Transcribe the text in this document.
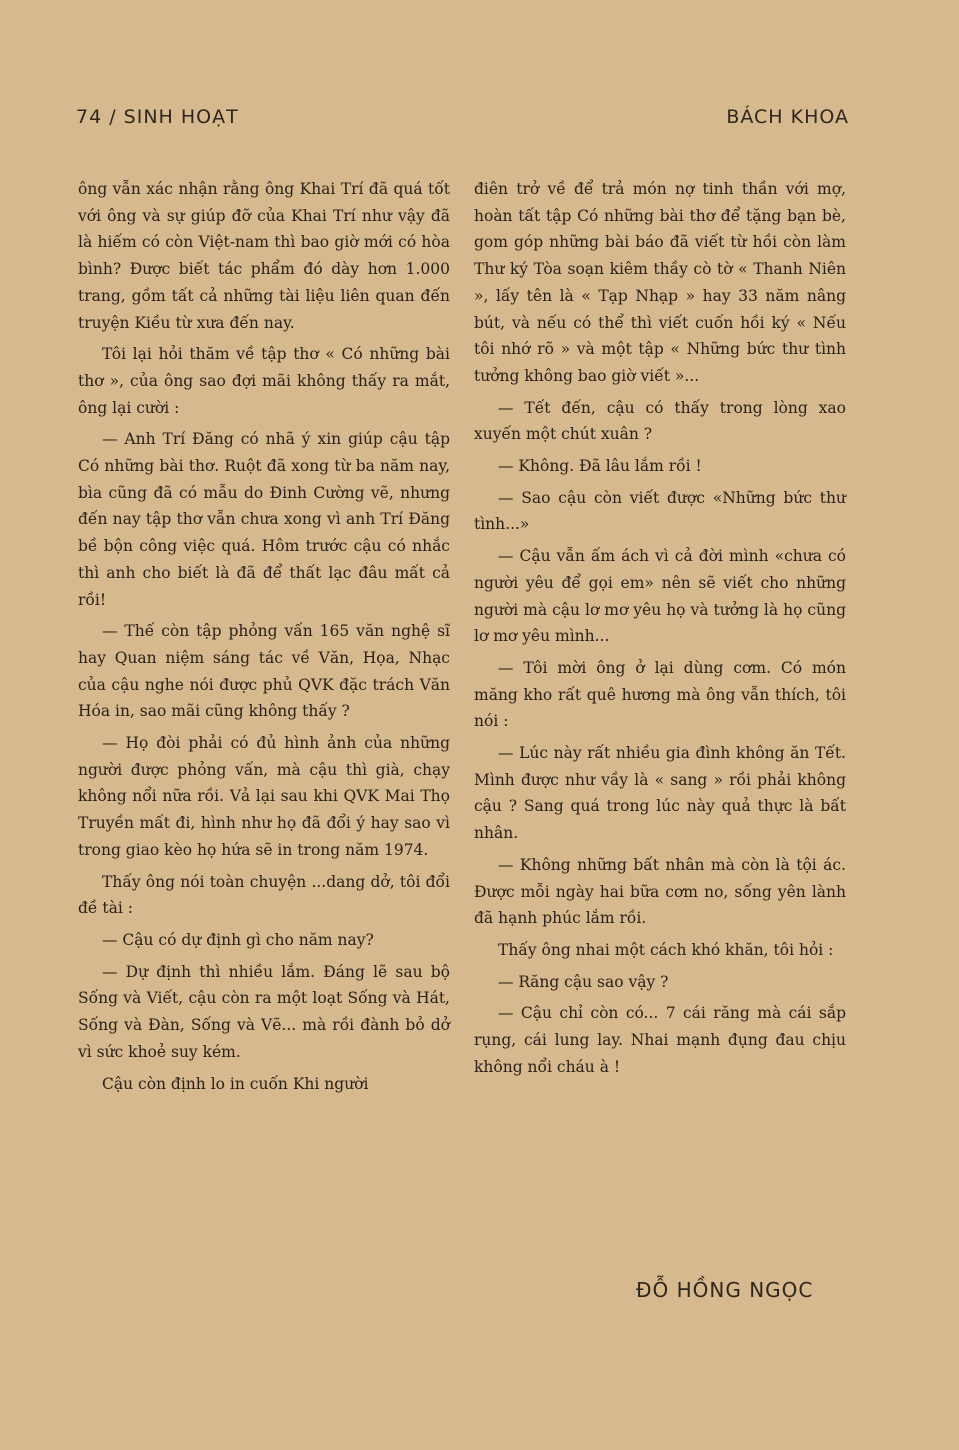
74 / SINH HOẠT	BÁCH KHOA

ông vẫn xác nhận rằng ông Khai Trí đã quá tốt với ông và sự giúp đỡ của Khai Trí như vậy đã là hiếm có còn Việt-nam thì bao giờ mới có hòa bình? Được biết tác phẩm đó dày hơn 1.000 trang, gồm tất cả những tài liệu liên quan đến truyện Kiều từ xưa đến nay.

Tôi lại hỏi thăm về tập thơ « Có những bài thơ », của ông sao đợi mãi không thấy ra mắt, ông lại cười :

— Anh Trí Đăng có nhã ý xin giúp cậu tập Có những bài thơ. Ruột đã xong từ ba năm nay, bìa cũng đã có mẫu do Đinh Cường vẽ, nhưng đến nay tập thơ vẫn chưa xong vì anh Trí Đăng bề bộn công việc quá. Hôm trước cậu có nhắc thì anh cho biết là đã để thất lạc đâu mất cả rồi!

— Thế còn tập phỏng vấn 165 văn nghệ sĩ hay Quan niệm sáng tác về Văn, Họa, Nhạc của cậu nghe nói được phủ QVK đặc trách Văn Hóa in, sao mãi cũng không thấy ?

— Họ đòi phải có đủ hình ảnh của những người được phỏng vấn, mà cậu thì già, chạy không nổi nữa rồi. Vả lại sau khi QVK Mai Thọ Truyền mất đi, hình như họ đã đổi ý hay sao vì trong giao kèo họ hứa sẽ in trong năm 1974.

Thấy ông nói toàn chuyện ...dang dở, tôi đổi đề tài :

— Cậu có dự định gì cho năm nay?

— Dự định thì nhiều lắm. Đáng lẽ sau bộ Sống và Viết, cậu còn ra một loạt Sống và Hát, Sống và Đàn, Sống và Vẽ... mà rồi đành bỏ dở vì sức khoẻ suy kém.

Cậu còn định lo in cuốn Khi người

điên trở về để trả món nợ tinh thần với mợ, hoàn tất tập Có những bài thơ để tặng bạn bè, gom góp những bài báo đã viết từ hồi còn làm Thư ký Tòa soạn kiêm thầy cò tờ « Thanh Niên », lấy tên là « Tạp Nhạp » hay 33 năm nâng bút, và nếu có thể thì viết cuốn hồi ký « Nếu tôi nhớ rõ » và một tập « Những bức thư tình tưởng không bao giờ viết »...

— Tết đến, cậu có thấy trong lòng xao xuyến một chút xuân ?

— Không. Đã lâu lắm rồi !

— Sao cậu còn viết được «Những bức thư tình...»

— Cậu vẫn ấm ách vì cả đời mình «chưa có người yêu để gọi em» nên sẽ viết cho những người mà cậu lơ mơ yêu họ và tưởng là họ cũng lơ mơ yêu mình...

— Tôi mời ông ở lại dùng cơm. Có món măng kho rất quê hương mà ông vẫn thích, tôi nói :

— Lúc này rất nhiều gia đình không ăn Tết. Mình được như vầy là « sang » rồi phải không cậu ? Sang quá trong lúc này quả thực là bất nhân.

— Không những bất nhân mà còn là tội ác. Được mỗi ngày hai bữa cơm no, sống yên lành đã hạnh phúc lắm rồi.

Thấy ông nhai một cách khó khăn, tôi hỏi :

— Răng cậu sao vậy ?

— Cậu chỉ còn có... 7 cái răng mà cái sắp rụng, cái lung lay. Nhai mạnh đụng đau chịu không nổi cháu à !

ĐỖ HỒNG NGỌC
